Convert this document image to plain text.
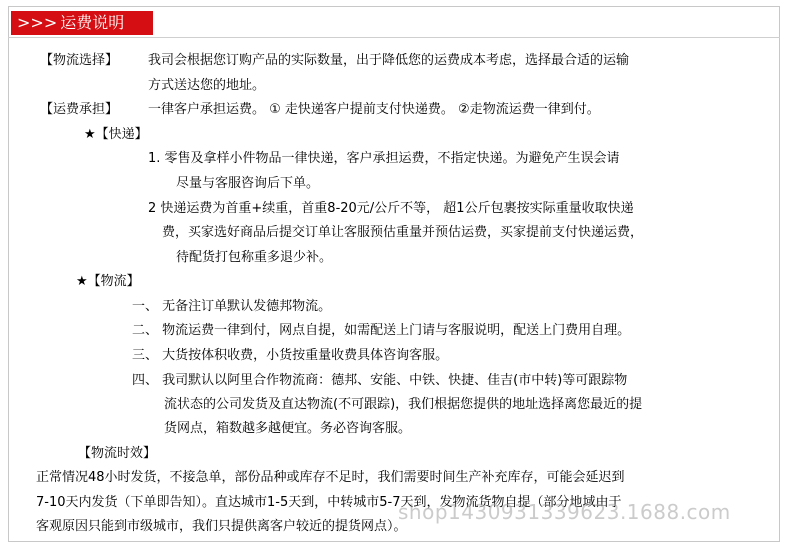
>>> 运费说明
【物流选择】 我司会根据您订购产品的实际数量，出于降低您的运费成本考虑，选择最合适的运输
方式送达您的地址。
【运费承担】 一律客户承担运费。 ① 走快递客户提前支付快递费。 ②走物流运费一律到付。
★【快递】
1. 零售及拿样小件物品一律快递，客户承担运费，不指定快递。为避免产生误会请
尽量与客服咨询后下单。
2 快递运费为首重+续重，首重8-20元/公斤不等， 超1公斤包裹按实际重量收取快递
费，买家选好商品后提交订单让客服预估重量并预估运费，买家提前支付快递运费，
待配货打包称重多退少补。
★【物流】
一、 无备注订单默认发德邦物流。
二、 物流运费一律到付，网点自提，如需配送上门请与客服说明，配送上门费用自理。
三、 大货按体积收费，小货按重量收费具体咨询客服。
四、 我司默认以阿里合作物流商：德邦、安能、中铁、快捷、佳吉(市中转)等可跟踪物
流状态的公司发货及直达物流(不可跟踪)，我们根据您提供的地址选择离您最近的提
货网点，箱数越多越便宜。务必咨询客服。
【物流时效】
正常情况48小时发货，不接急单，部份品种或库存不足时，我们需要时间生产补充库存，可能会延迟到
7-10天内发货（下单即告知）。直达城市1-5天到，中转城市5-7天到，发物流货物自提（部分地域由于
客观原因只能到市级城市，我们只提供离客户较近的提货网点）。
shop1430931339623.1688.com
